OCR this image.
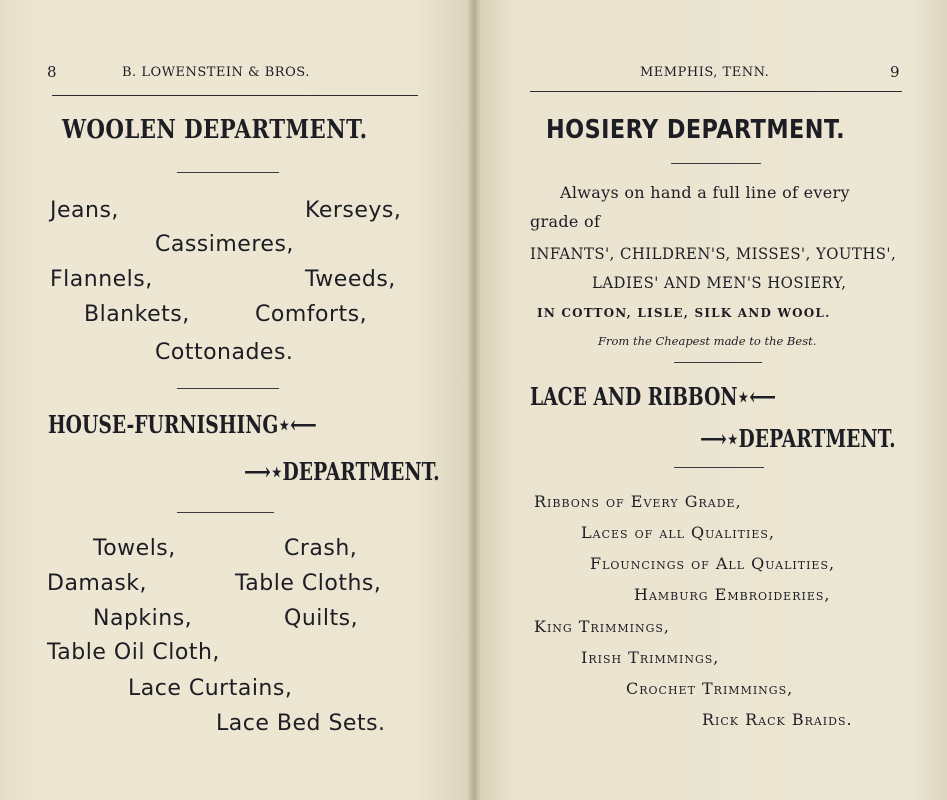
8	B. LOWENSTEIN & BROS.
WOOLEN DEPARTMENT.
Jeans,	Kerseys,
Cassimeres,
Flannels,	Tweeds,
Blankets,	Comforts,
Cottonades.
HOUSE-FURNISHING⋆⟵
⟶⋆DEPARTMENT.
Towels,	Crash,
Damask,	Table Cloths,
Napkins,	Quilts,
Table Oil Cloth,
Lace Curtains,
Lace Bed Sets.
MEMPHIS, TENN.	9
HOSIERY DEPARTMENT.
Always on hand a full line of every
grade of
INFANTS', CHILDREN'S, MISSES', YOUTHS',
LADIES' AND MEN'S HOSIERY,
IN COTTON, LISLE, SILK AND WOOL.
From the Cheapest made to the Best.
LACE AND RIBBON⋆⟵
⟶⋆DEPARTMENT.
Ribbons of Every Grade,
Laces of all Qualities,
Flouncings of All Qualities,
Hamburg Embroideries,
King Trimmings,
Irish Trimmings,
Crochet Trimmings,
Rick Rack Braids.
